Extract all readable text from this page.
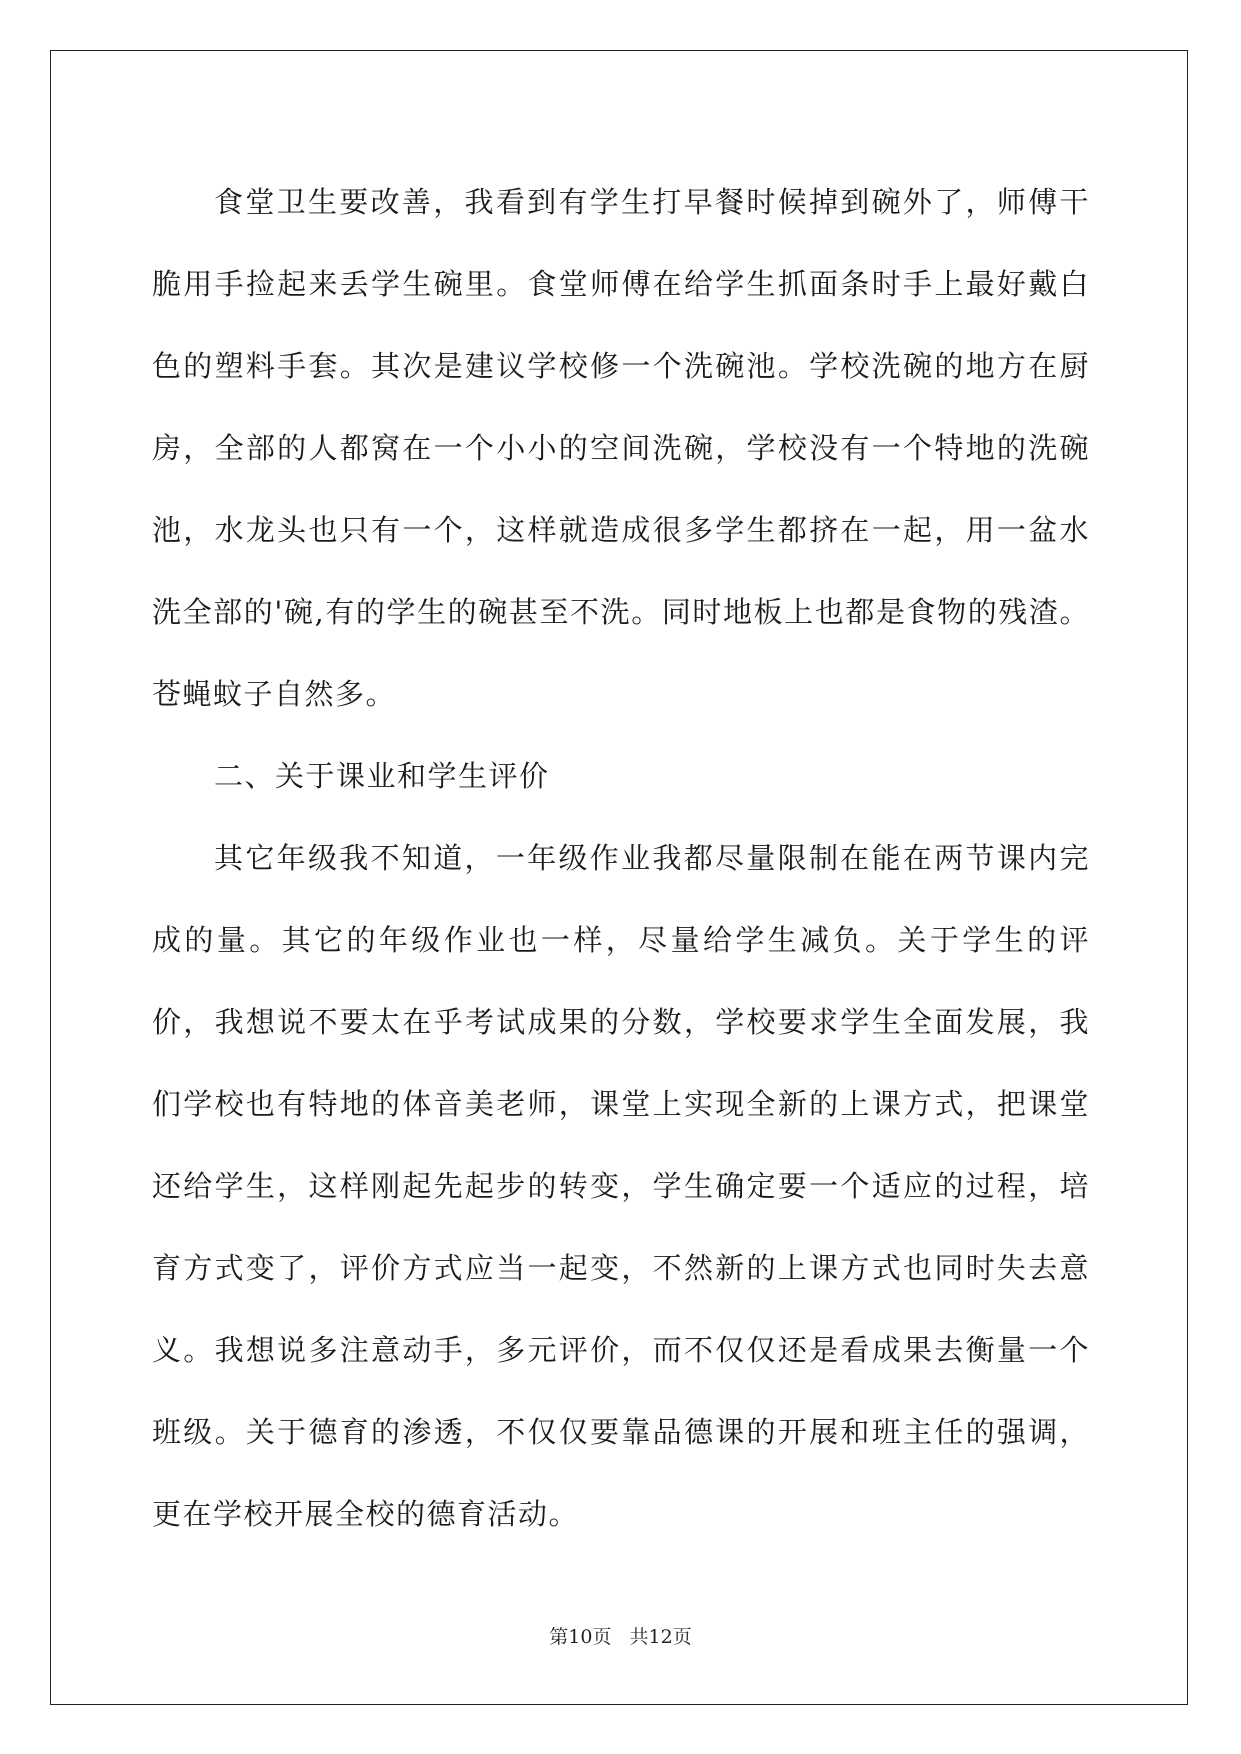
食堂卫生要改善，我看到有学生打早餐时候掉到碗外了，师傅干脆用手捡起来丢学生碗里。食堂师傅在给学生抓面条时手上最好戴白色的塑料手套。其次是建议学校修一个洗碗池。学校洗碗的地方在厨房，全部的人都窝在一个小小的空间洗碗，学校没有一个特地的洗碗池，水龙头也只有一个，这样就造成很多学生都挤在一起，用一盆水洗全部的'碗,有的学生的碗甚至不洗。同时地板上也都是食物的残渣。苍蝇蚊子自然多。

二、关于课业和学生评价

其它年级我不知道，一年级作业我都尽量限制在能在两节课内完成的量。其它的年级作业也一样，尽量给学生减负。关于学生的评价，我想说不要太在乎考试成果的分数，学校要求学生全面发展，我们学校也有特地的体音美老师，课堂上实现全新的上课方式，把课堂还给学生，这样刚起先起步的转变，学生确定要一个适应的过程，培育方式变了，评价方式应当一起变，不然新的上课方式也同时失去意义。我想说多注意动手，多元评价，而不仅仅还是看成果去衡量一个班级。关于德育的渗透，不仅仅要靠品德课的开展和班主任的强调，更在学校开展全校的德育活动。

第10页 共12页
